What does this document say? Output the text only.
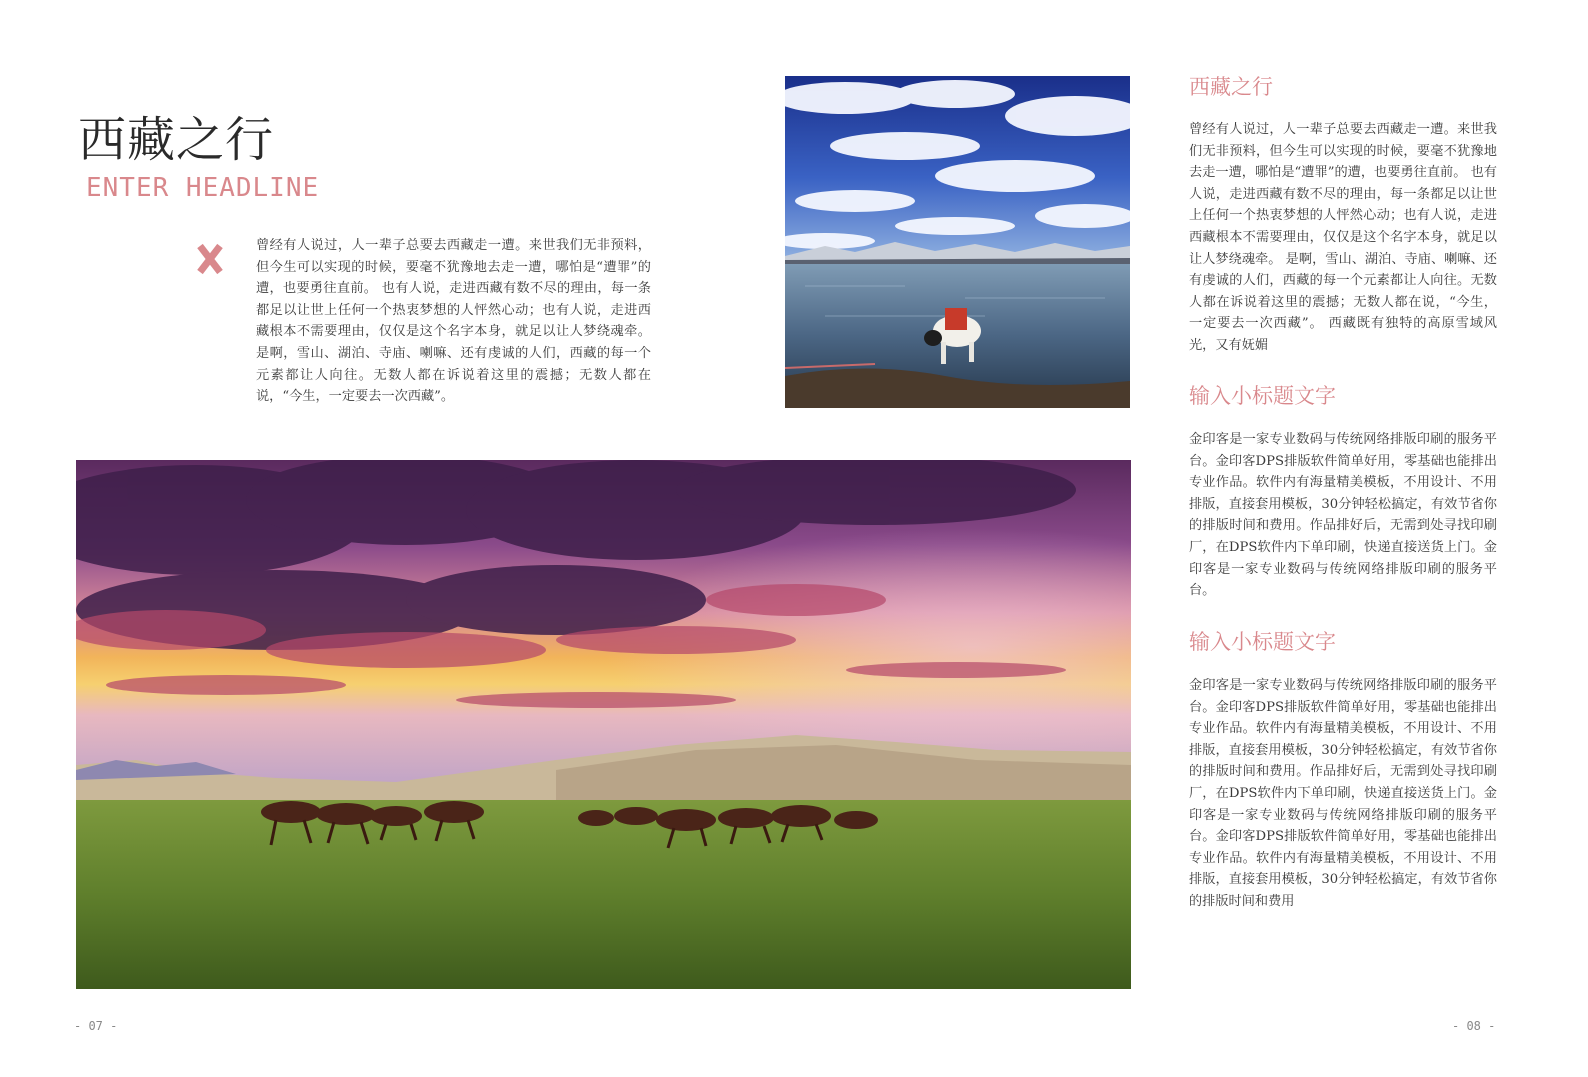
西藏之行
ENTER HEADLINE

曾经有人说过，人一辈子总要去西藏走一遭。来世我们无非预料，但今生可以实现的时候，要毫不犹豫地去走一遭，哪怕是“遭罪”的遭，也要勇往直前。 也有人说，走进西藏有数不尽的理由，每一条都足以让世上任何一个热衷梦想的人怦然心动；也有人说，走进西藏根本不需要理由，仅仅是这个名字本身，就足以让人梦绕魂牵。 是啊，雪山、湖泊、寺庙、喇嘛、还有虔诚的人们，西藏的每一个元素都让人向往。无数人都在诉说着这里的震撼；无数人都在说，“今生，一定要去一次西藏”。

西藏之行

曾经有人说过，人一辈子总要去西藏走一遭。来世我们无非预料，但今生可以实现的时候，要毫不犹豫地去走一遭，哪怕是“遭罪”的遭，也要勇往直前。 也有人说，走进西藏有数不尽的理由，每一条都足以让世上任何一个热衷梦想的人怦然心动；也有人说，走进西藏根本不需要理由，仅仅是这个名字本身，就足以让人梦绕魂牵。 是啊，雪山、湖泊、寺庙、喇嘛、还有虔诚的人们，西藏的每一个元素都让人向往。无数人都在诉说着这里的震撼；无数人都在说，“今生，一定要去一次西藏”。 西藏既有独特的高原雪域风光，又有妩媚

输入小标题文字

金印客是一家专业数码与传统网络排版印刷的服务平台。金印客DPS排版软件简单好用，零基础也能排出专业作品。软件内有海量精美模板，不用设计、不用排版，直接套用模板，30分钟轻松搞定，有效节省你的排版时间和费用。作品排好后，无需到处寻找印刷厂，在DPS软件内下单印刷，快递直接送货上门。金印客是一家专业数码与传统网络排版印刷的服务平台。

输入小标题文字

金印客是一家专业数码与传统网络排版印刷的服务平台。金印客DPS排版软件简单好用，零基础也能排出专业作品。软件内有海量精美模板，不用设计、不用排版，直接套用模板，30分钟轻松搞定，有效节省你的排版时间和费用。作品排好后，无需到处寻找印刷厂，在DPS软件内下单印刷，快递直接送货上门。金印客是一家专业数码与传统网络排版印刷的服务平台。金印客DPS排版软件简单好用，零基础也能排出专业作品。软件内有海量精美模板，不用设计、不用排版，直接套用模板，30分钟轻松搞定，有效节省你的排版时间和费用

- 07 -	- 08 -
